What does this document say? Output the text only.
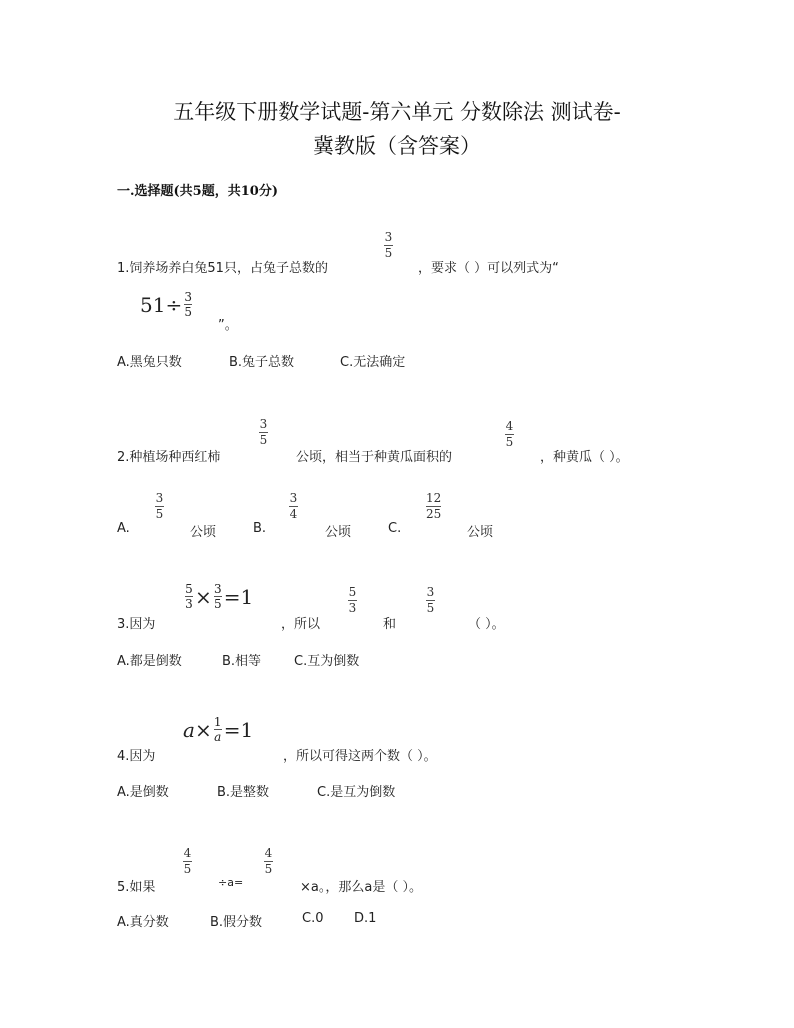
五年级下册数学试题-第六单元 分数除法 测试卷-
冀教版（含答案）
一.选择题(共5题，共10分)
1.饲养场养白兔51只，占兔子总数的
3
5
，要求（ ）可以列式为“
$51\div \frac{3}{5}$
”。
A.黑兔只数	B.兔子总数	C.无法确定
2.种植场种西红柿
3
5
公顷，相当于种黄瓜面积的
4
5
，种黄瓜（ ）。
A.
3
5
公顷	B.
3
4
公顷	C.
12
25
公顷
3.因为
$\frac{5}{3} \times \frac{3}{5} =1$
，所以
5
3
和
3
5
（ ）。
A.都是倒数	B.相等	C.互为倒数
4.因为
$a \times \frac{1}{a} =1$
，所以可得这两个数（ ）。
A.是倒数	B.是整数	C.是互为倒数
5.如果
4
5
÷a=
4
5
×a。，那么a是（ ）。
A.真分数	B.假分数	C.0 D.1
